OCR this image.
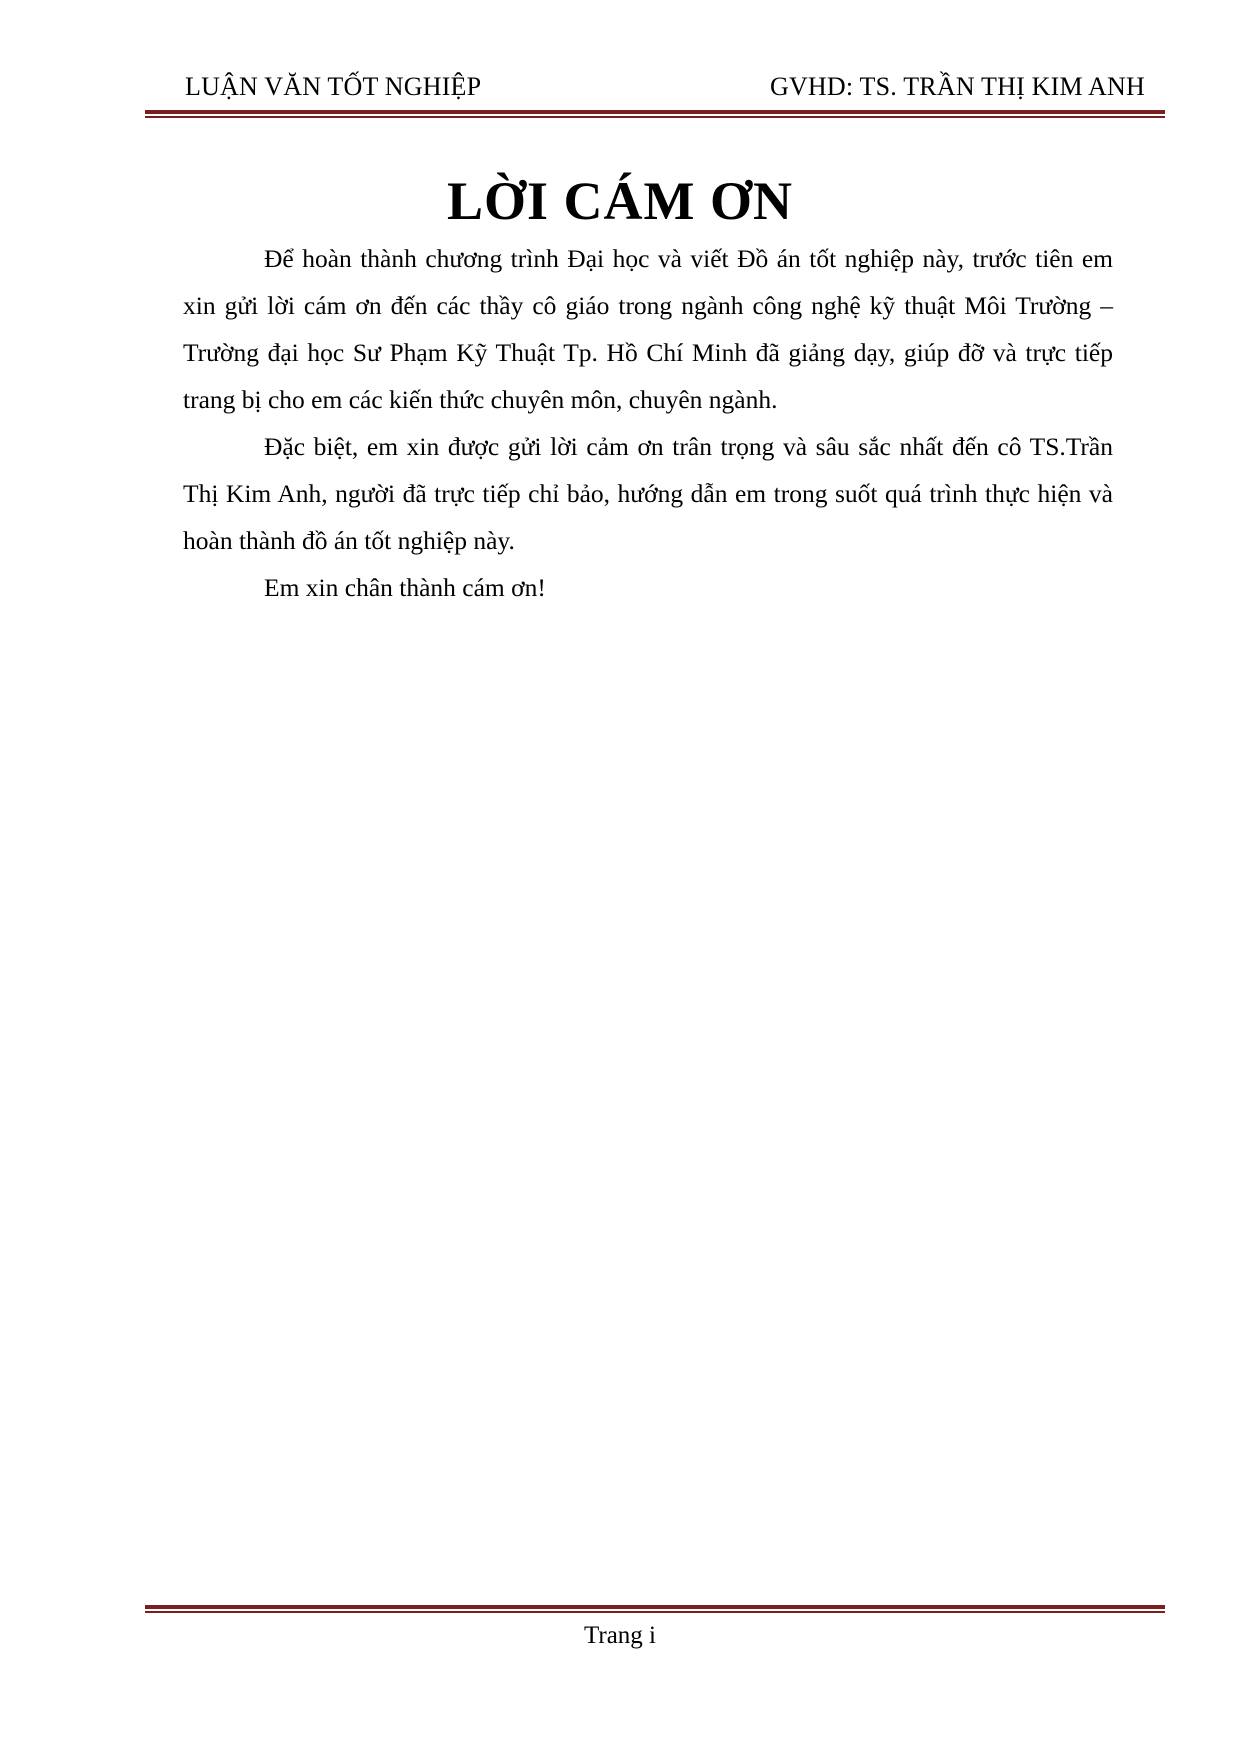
LUẬN VĂN TỐT NGHIỆP	GVHD: TS. TRẦN THỊ KIM ANH
LỜI CÁM ƠN

Để hoàn thành chương trình Đại học và viết Đồ án tốt nghiệp này, trước tiên em xin gửi lời cám ơn đến các thầy cô giáo trong ngành công nghệ kỹ thuật Môi Trường – Trường đại học Sư Phạm Kỹ Thuật Tp. Hồ Chí Minh đã giảng dạy, giúp đỡ và trực tiếp trang bị cho em các kiến thức chuyên môn, chuyên ngành.

Đặc biệt, em xin được gửi lời cảm ơn trân trọng và sâu sắc nhất đến cô TS.Trần Thị Kim Anh, người đã trực tiếp chỉ bảo, hướng dẫn em trong suốt quá trình thực hiện và hoàn thành đồ án tốt nghiệp này.

Em xin chân thành cám ơn!

Trang i
